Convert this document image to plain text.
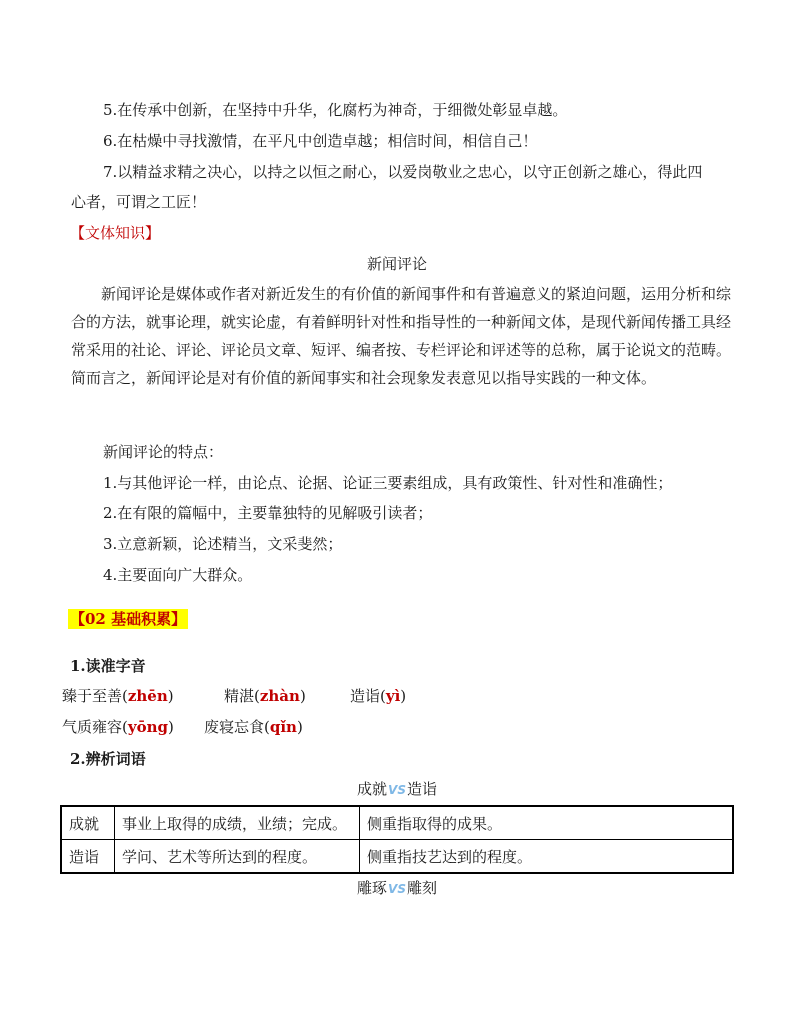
5.在传承中创新，在坚持中升华，化腐朽为神奇，于细微处彰显卓越。
6.在枯燥中寻找激情，在平凡中创造卓越；相信时间，相信自己！
7.以精益求精之决心，以持之以恒之耐心，以爱岗敬业之忠心，以守正创新之雄心，得此四
心者，可谓之工匠！
【文体知识】
新闻评论
新闻评论是媒体或作者对新近发生的有价值的新闻事件和有普遍意义的紧迫问题，运用分析和综合的方法，就事论理，就实论虚，有着鲜明针对性和指导性的一种新闻文体，是现代新闻传播工具经常采用的社论、评论、评论员文章、短评、编者按、专栏评论和评述等的总称，属于论说文的范畴。简而言之，新闻评论是对有价值的新闻事实和社会现象发表意见以指导实践的一种文体。
新闻评论的特点：
1.与其他评论一样，由论点、论据、论证三要素组成，具有政策性、针对性和准确性；
2.在有限的篇幅中，主要靠独特的见解吸引读者；
3.立意新颖，论述精当，文采斐然；
4.主要面向广大群众。
【02 基础积累】
1.读准字音
臻于至善(zhēn)	精湛(zhàn)	造诣(yì)
气质雍容(yōng) 废寝忘食(qǐn)
2.辨析词语
成就VS造诣
成就	事业上取得的成绩，业绩；完成。	侧重指取得的成果。
造诣	学问、艺术等所达到的程度。	侧重指技艺达到的程度。
雕琢VS雕刻
